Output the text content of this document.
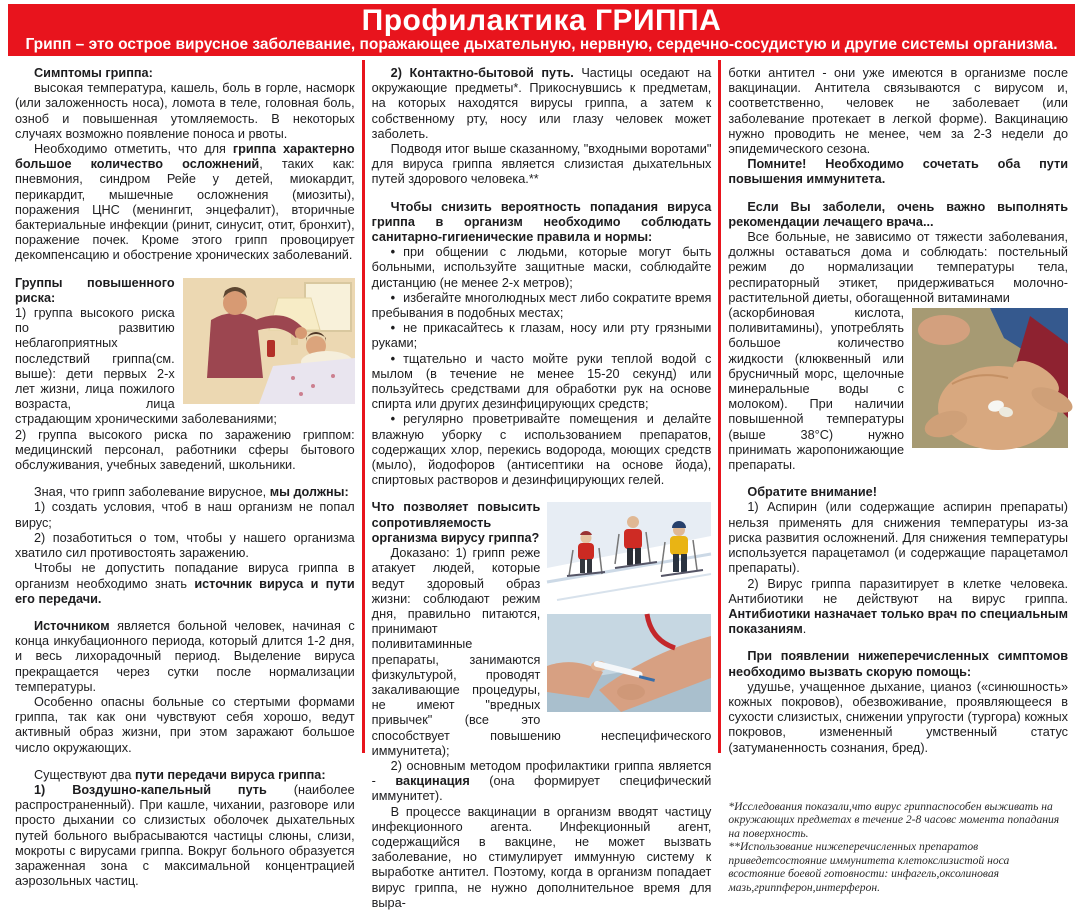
Профилактика ГРИППА
Грипп – это острое вирусное заболевание, поражающее дыхательную, нервную, сердечно-сосудистую и другие системы организма.

Симптомы гриппа:

высокая температура, кашель, боль в горле, насморк (или заложенность носа), ломота в теле, головная боль, озноб и повышенная утомляемость. В некоторых случаях возможно появление поноса и рвоты.

Необходимо отметить, что для гриппа характерно большое количество осложнений, таких как: пневмония, синдром Рейе у детей, миокардит, перикардит, мышечные осложнения (миозиты), поражения ЦНС (менингит, энцефалит), вторичные бактериальные инфекции (ринит, синусит, отит, бронхит), поражение почек. Кроме этого грипп провоцирует декомпенсацию и обострение хронических заболеваний.

Группы повышенного риска:

1) группа высокого риска по развитию неблагоприятных последствий гриппа(см. выше): дети первых 2-х лет жизни, лица пожилого возраста, лица страдающим хроническими заболеваниями;

2) группа высокого риска по заражению гриппом: медицинский персонал, работники сферы бытового обслуживания, учебных заведений, школьники.

Зная, что грипп заболевание вирусное, мы должны:

1) создать условия, чтоб в наш организм не попал вирус;

2) позаботиться о том, чтобы у нашего организма хватило сил противостоять заражению.

Чтобы не допустить попадание вируса гриппа в организм необходимо знать источник вируса и пути его передачи.

Источником является больной человек, начиная с конца инкубационного периода, который длится 1-2 дня, и весь лихорадочный период. Выделение вируса прекращается через сутки после нормализации температуры.

Особенно опасны больные со стертыми формами гриппа, так как они чувствуют себя хорошо, ведут активный образ жизни, при этом заражают большое число окружающих.

Существуют два пути передачи вируса гриппа:

1) Воздушно-капельный путь (наиболее распространенный). При кашле, чихании, разговоре или просто дыхании со слизистых оболочек дыхательных путей больного выбрасываются частицы слюны, слизи, мокроты с вирусами гриппа. Вокруг больного образуется зараженная зона с максимальной концентрацией аэрозольных частиц.

2) Контактно-бытовой путь. Частицы оседают на окружающие предметы*. Прикоснувшись к предметам, на которых находятся вирусы гриппа, а затем к собственному рту, носу или глазу человек может заболеть.

Подводя итог выше сказанному, "входными воротами" для вируса гриппа является слизистая дыхательных путей здорового человека.**

Чтобы снизить вероятность попадания вируса гриппа в организм необходимо соблюдать санитарно-гигиенические правила и нормы:

• при общении с людьми, которые могут быть больными, используйте защитные маски, соблюдайте дистанцию (не менее 2-х метров);

• избегайте многолюдных мест либо сократите время пребывания в подобных местах;

• не прикасайтесь к глазам, носу или рту грязными руками;

• тщательно и часто мойте руки теплой водой с мылом (в течение не менее 15-20 секунд) или пользуйтесь средствами для обработки рук на основе спирта или других дезинфицирующих средств;

• регулярно проветривайте помещения и делайте влажную уборку с использованием препаратов, содержащих хлор, перекись водорода, моющих средств (мыло), йодофоров (антисептики на основе йода), спиртовых растворов и дезинфицирующих гелей.

Что позволяет повысить сопротивляемость организма вирусу гриппа?

Доказано: 1) грипп реже атакует людей, которые ведут здоровый образ жизни: соблюдают режим дня, правильно питаются, принимают поливитаминные препараты, занимаются физкультурой, проводят закаливающие процедуры, не имеют "вредных привычек" (все это способствует повышению неспецифического иммунитета);

2) основным методом профилактики гриппа является - вакцинация (она формирует специфический иммунитет).

В процессе вакцинации в организм вводят частицу инфекционного агента. Инфекционный агент, содержащийся в вакцине, не может вызвать заболевание, но стимулирует иммунную систему к выработке антител. Поэтому, когда в организм попадает вирус гриппа, не нужно дополнительное время для выра-

ботки антител - они уже имеются в организме после вакцинации. Антитела связываются с вирусом и, соответственно, человек не заболевает (или заболевание протекает в легкой форме). Вакцинацию нужно проводить не менее, чем за 2-3 недели до эпидемического сезона.

Помните! Необходимо сочетать оба пути повышения иммунитета.

Если Вы заболели, очень важно выполнять рекомендации лечащего врача...

Все больные, не зависимо от тяжести заболевания, должны оставаться дома и соблюдать: постельный режим до нормализации температуры тела, респираторный этикет, придерживаться молочно-растительной диеты, обогащенной витаминами

(аскорбиновая кислота, поливитамины), употреблять большое количество жидкости (клюквенный или брусничный морс, щелочные минеральные воды с молоком). При наличии повышенной температуры (выше 38°С) нужно принимать жаропонижающие препараты.

Обратите внимание!

1) Аспирин (или содержащие аспирин препараты) нельзя применять для снижения температуры из-за риска развития осложнений. Для снижения температуры используется парацетамол (и содержащие парацетамол препараты).

2) Вирус гриппа паразитирует в клетке человека. Антибиотики не действуют на вирус гриппа. Антибиотики назначает только врач по специальным показаниям.

При появлении нижеперечисленных симптомов необходимо вызвать скорую помощь:

удушье, учащенное дыхание, цианоз («синюшность» кожных покровов), обезвоживание, проявляющееся в сухости слизистых, снижении упругости (тургора) кожных покровов, измененный умственный статус (затуманенность сознания, бред).

*Исследования показали,что вирус гриппаспособен выживать на окружающих предметах в течение 2-8 часовс момента попадания на поверхность.

**Использование нижеперечисленных препаратов приведетсостояние иммунитета клетокслизистой носа всостояние боевой готовности: инфагель,оксолиновая мазь,гриппферон,интерферон.
